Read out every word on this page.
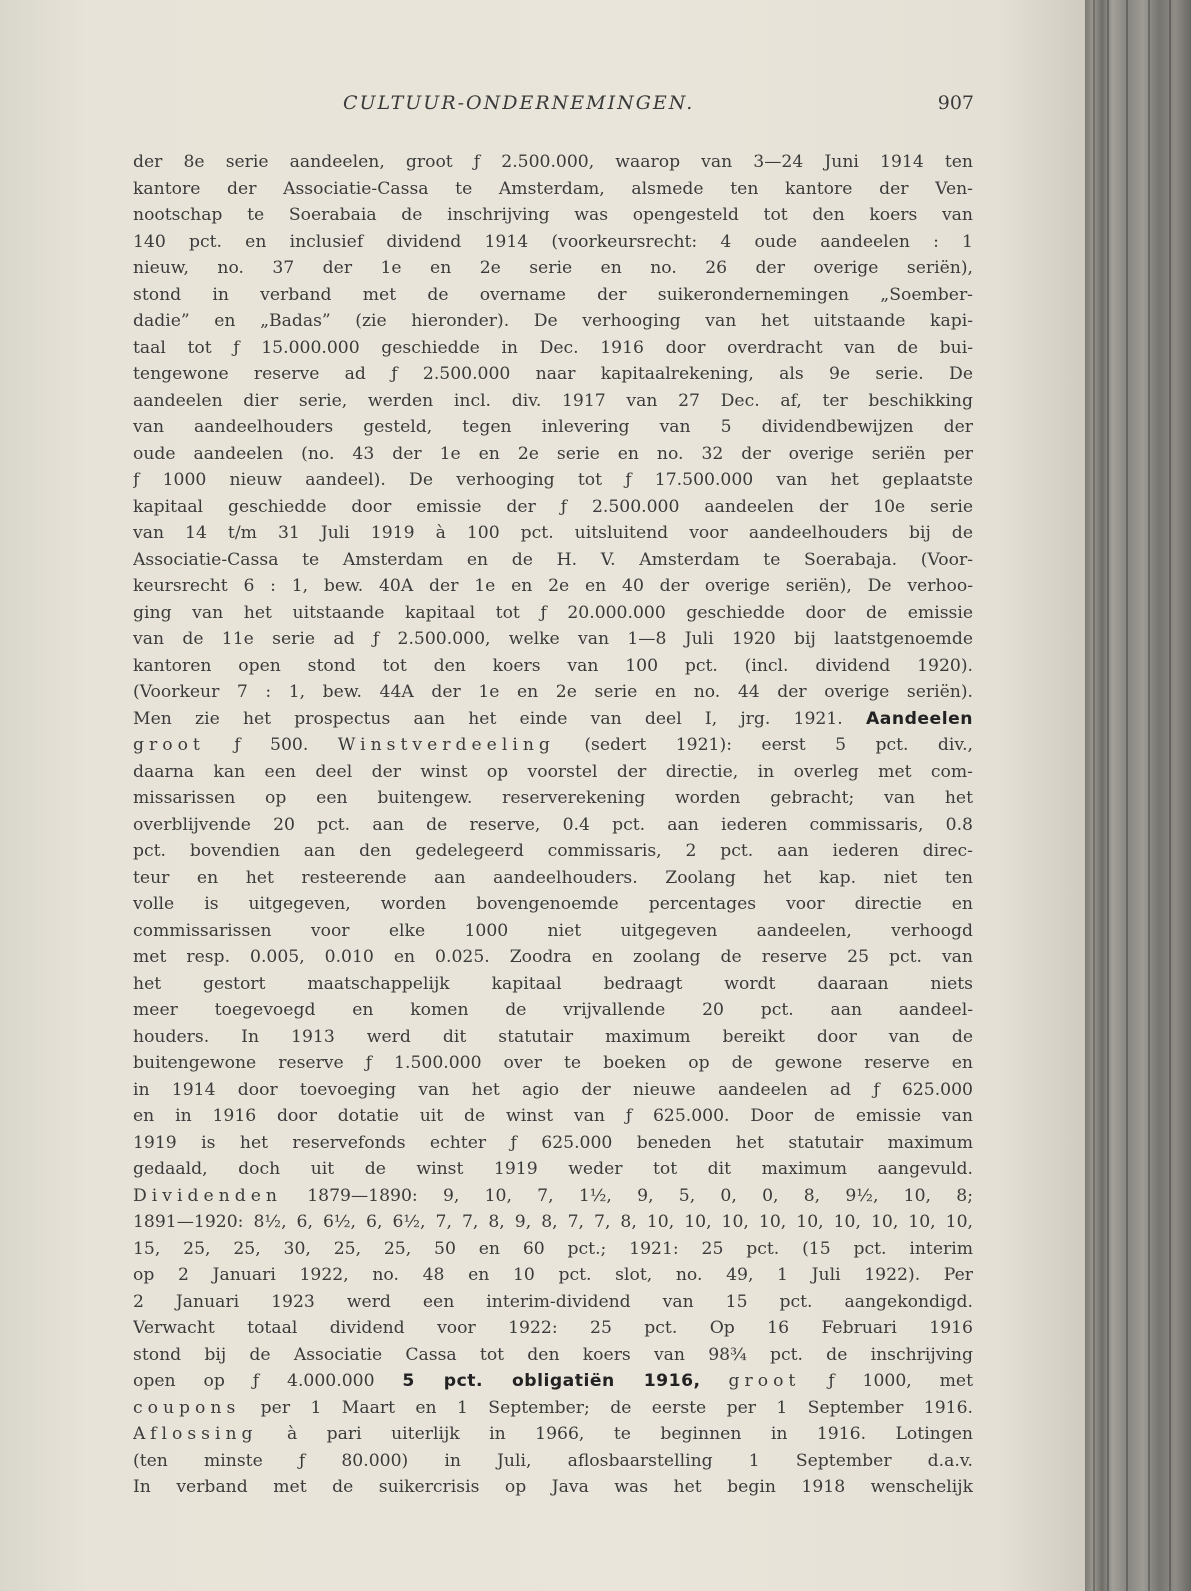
CULTUUR-ONDERNEMINGEN.	907
der 8e serie aandeelen, groot ƒ 2.500.000, waarop van 3—24 Juni 1914 ten
kantore der Associatie-Cassa te Amsterdam, alsmede ten kantore der Ven-
nootschap te Soerabaia de inschrijving was opengesteld tot den koers van
140 pct. en inclusief dividend 1914 (voorkeursrecht: 4 oude aandeelen : 1
nieuw, no. 37 der 1e en 2e serie en no. 26 der overige seriën),
stond in verband met de overname der suikerondernemingen „Soember-
dadie” en „Badas” (zie hieronder). De verhooging van het uitstaande kapi-
taal tot ƒ 15.000.000 geschiedde in Dec. 1916 door overdracht van de bui-
tengewone reserve ad ƒ 2.500.000 naar kapitaalrekening, als 9e serie. De
aandeelen dier serie, werden incl. div. 1917 van 27 Dec. af, ter beschikking
van aandeelhouders gesteld, tegen inlevering van 5 dividendbewijzen der
oude aandeelen (no. 43 der 1e en 2e serie en no. 32 der overige seriën per
ƒ 1000 nieuw aandeel). De verhooging tot ƒ 17.500.000 van het geplaatste
kapitaal geschiedde door emissie der ƒ 2.500.000 aandeelen der 10e serie
van 14 t/m 31 Juli 1919 à 100 pct. uitsluitend voor aandeelhouders bij de
Associatie-Cassa te Amsterdam en de H. V. Amsterdam te Soerabaja. (Voor-
keursrecht 6 : 1, bew. 40A der 1e en 2e en 40 der overige seriën), De verhoo-
ging van het uitstaande kapitaal tot ƒ 20.000.000 geschiedde door de emissie
van de 11e serie ad ƒ 2.500.000, welke van 1—8 Juli 1920 bij laatstgenoemde
kantoren open stond tot den koers van 100 pct. (incl. dividend 1920).
(Voorkeur 7 : 1, bew. 44A der 1e en 2e serie en no. 44 der overige seriën).
Men zie het prospectus aan het einde van deel I, jrg. 1921. Aandeelen
groot ƒ 500. Winstverdeeling (sedert 1921): eerst 5 pct. div.,
daarna kan een deel der winst op voorstel der directie, in overleg met com-
missarissen op een buitengew. reserverekening worden gebracht; van het
overblijvende 20 pct. aan de reserve, 0.4 pct. aan iederen commissaris, 0.8
pct. bovendien aan den gedelegeerd commissaris, 2 pct. aan iederen direc-
teur en het resteerende aan aandeelhouders. Zoolang het kap. niet ten
volle is uitgegeven, worden bovengenoemde percentages voor directie en
commissarissen voor elke 1000 niet uitgegeven aandeelen, verhoogd
met resp. 0.005, 0.010 en 0.025. Zoodra en zoolang de reserve 25 pct. van
het gestort maatschappelijk kapitaal bedraagt wordt daaraan niets
meer toegevoegd en komen de vrijvallende 20 pct. aan aandeel-
houders. In 1913 werd dit statutair maximum bereikt door van de
buitengewone reserve ƒ 1.500.000 over te boeken op de gewone reserve en
in 1914 door toevoeging van het agio der nieuwe aandeelen ad ƒ 625.000
en in 1916 door dotatie uit de winst van ƒ 625.000. Door de emissie van
1919 is het reservefonds echter ƒ 625.000 beneden het statutair maximum
gedaald, doch uit de winst 1919 weder tot dit maximum aangevuld.
Dividenden 1879—1890: 9, 10, 7, 1½, 9, 5, 0, 0, 8, 9½, 10, 8;
1891—1920: 8½, 6, 6½, 6, 6½, 7, 7, 8, 9, 8, 7, 7, 8, 10, 10, 10, 10, 10, 10, 10, 10, 10,
15, 25, 25, 30, 25, 25, 50 en 60 pct.; 1921: 25 pct. (15 pct. interim
op 2 Januari 1922, no. 48 en 10 pct. slot, no. 49, 1 Juli 1922). Per
2 Januari 1923 werd een interim-dividend van 15 pct. aangekondigd.
Verwacht totaal dividend voor 1922: 25 pct. Op 16 Februari 1916
stond bij de Associatie Cassa tot den koers van 98¾ pct. de inschrijving
open op ƒ 4.000.000 5 pct. obligatiën 1916, groot ƒ 1000, met
coupons per 1 Maart en 1 September; de eerste per 1 September 1916.
Aflossing à pari uiterlijk in 1966, te beginnen in 1916. Lotingen
(ten minste ƒ 80.000) in Juli, aflosbaarstelling 1 September d.a.v.
In verband met de suikercrisis op Java was het begin 1918 wenschelijk
